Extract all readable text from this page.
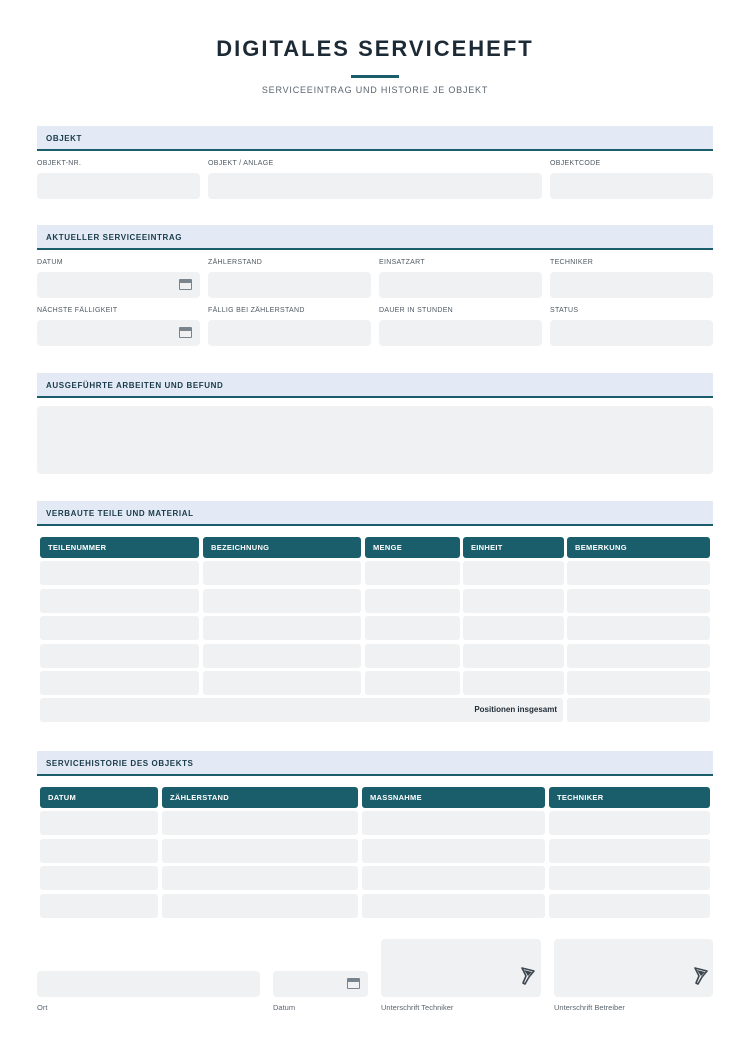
DIGITALES SERVICEHEFT
SERVICEEINTRAG UND HISTORIE JE OBJEKT
OBJEKT
OBJEKT-NR.	OBJEKT / ANLAGE	OBJEKTCODE
AKTUELLER SERVICEEINTRAG
DATUM	ZÄHLERSTAND	EINSATZART	TECHNIKER
NÄCHSTE FÄLLIGKEIT	FÄLLIG BEI ZÄHLERSTAND	DAUER IN STUNDEN	STATUS
AUSGEFÜHRTE ARBEITEN UND BEFUND
VERBAUTE TEILE UND MATERIAL
TEILENUMMER	BEZEICHNUNG	MENGE	EINHEIT	BEMERKUNG
Positionen insgesamt
SERVICEHISTORIE DES OBJEKTS
DATUM	ZÄHLERSTAND	MASSNAHME	TECHNIKER
Ort	Datum	Unterschrift Techniker	Unterschrift Betreiber
